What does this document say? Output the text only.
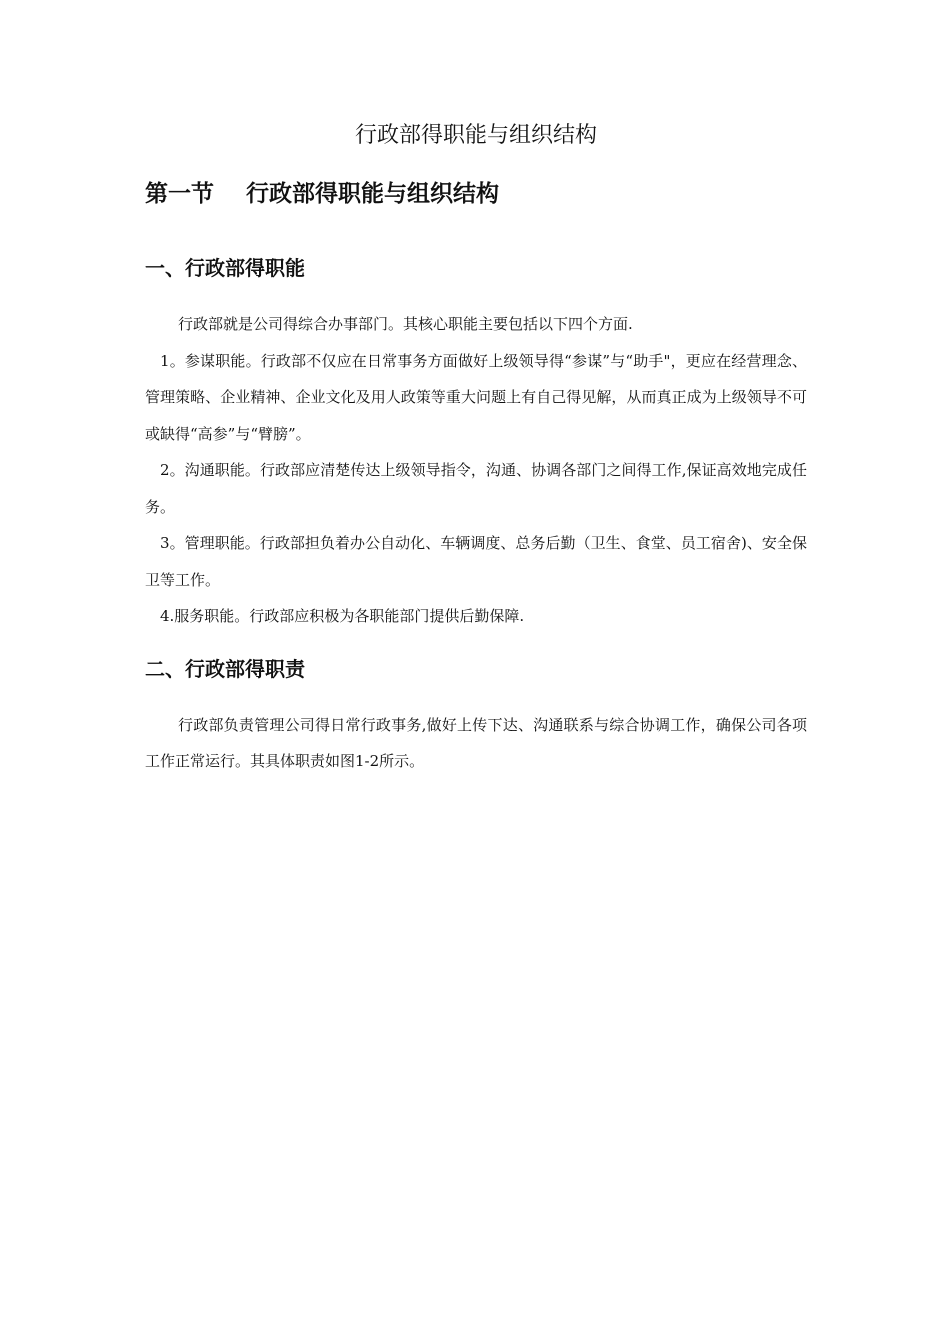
行政部得职能与组织结构
第一节 行政部得职能与组织结构
一、行政部得职能

行政部就是公司得综合办事部门。其核心职能主要包括以下四个方面.

1。参谋职能。行政部不仅应在日常事务方面做好上级领导得“参谋”与“助手"，更应在经营理念、管理策略、企业精神、企业文化及用人政策等重大问题上有自己得见解，从而真正成为上级领导不可或缺得“高参”与“臂膀”。

2。沟通职能。行政部应清楚传达上级领导指令，沟通、协调各部门之间得工作,保证高效地完成任务。

3。管理职能。行政部担负着办公自动化、车辆调度、总务后勤（卫生、食堂、员工宿舍)、安全保卫等工作。

4.服务职能。行政部应积极为各职能部门提供后勤保障.

二、行政部得职责

行政部负责管理公司得日常行政事务,做好上传下达、沟通联系与综合协调工作，确保公司各项工作正常运行。其具体职责如图1-2所示。
